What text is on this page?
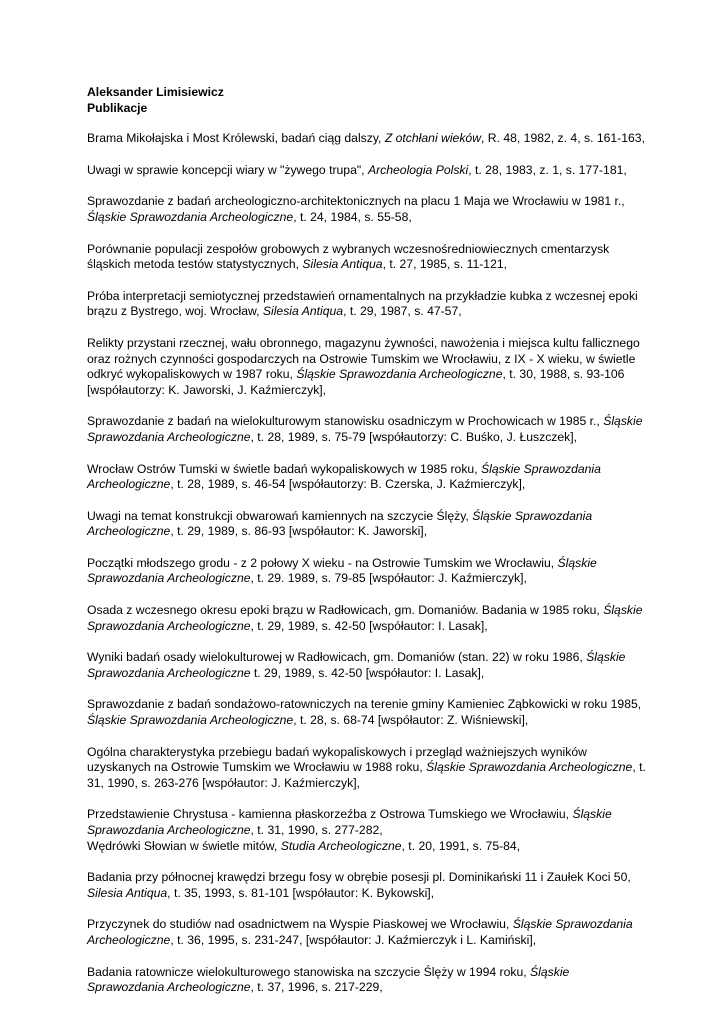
Aleksander Limisiewicz
Publikacje
Brama Mikołajska i Most Królewski, badań ciąg dalszy, Z otchłani wieków, R. 48, 1982, z. 4, s. 161-163,
Uwagi w sprawie koncepcji wiary w "żywego trupa", Archeologia Polski, t. 28, 1983, z. 1, s. 177-181,
Sprawozdanie z badań archeologiczno-architektonicznych na placu 1 Maja we Wrocławiu w 1981 r., Śląskie Sprawozdania Archeologiczne, t. 24, 1984, s. 55-58,
Porównanie populacji zespołów grobowych z wybranych wczesnośredniowiecznych cmentarzysk śląskich metoda testów statystycznych, Silesia Antiqua, t. 27, 1985, s. 11-121,
Próba interpretacji semiotycznej przedstawień ornamentalnych na przykładzie kubka z wczesnej epoki brązu z Bystrego, woj. Wrocław, Silesia Antiqua, t. 29, 1987, s. 47-57,
Relikty przystani rzecznej, wału obronnego, magazynu żywności, nawożenia i miejsca kultu fallicznego oraz rożnych czynności gospodarczych na Ostrowie Tumskim we Wrocławiu, z IX - X wieku, w świetle odkryć wykopaliskowych w 1987 roku, Śląskie Sprawozdania Archeologiczne, t. 30, 1988, s. 93-106 [współautorzy: K. Jaworski, J. Kaźmierczyk],
Sprawozdanie z badań na wielokulturowym stanowisku osadniczym w Prochowicach w 1985 r., Śląskie Sprawozdania Archeologiczne, t. 28, 1989, s. 75-79 [współautorzy: C. Buśko, J. Łuszczek],
Wrocław Ostrów Tumski w świetle badań wykopaliskowych w 1985 roku, Śląskie Sprawozdania Archeologiczne, t. 28, 1989, s. 46-54 [współautorzy: B. Czerska, J. Kaźmierczyk],
Uwagi na temat konstrukcji obwarowań kamiennych na szczycie Ślęży, Śląskie Sprawozdania Archeologiczne, t. 29, 1989, s. 86-93 [współautor: K. Jaworski],
Początki młodszego grodu - z 2 połowy X wieku - na Ostrowie Tumskim we Wrocławiu, Śląskie Sprawozdania Archeologiczne, t. 29. 1989, s. 79-85 [współautor: J. Kaźmierczyk],
Osada z wczesnego okresu epoki brązu w Radłowicach, gm. Domaniów. Badania w 1985 roku, Śląskie Sprawozdania Archeologiczne, t. 29, 1989, s. 42-50 [współautor: I. Lasak],
Wyniki badań osady wielokulturowej w Radłowicach, gm. Domaniów (stan. 22) w roku 1986, Śląskie Sprawozdania Archeologiczne t. 29, 1989, s. 42-50 [współautor: I. Lasak],
Sprawozdanie z badań sondażowo-ratowniczych na terenie gminy Kamieniec Ząbkowicki w roku 1985, Śląskie Sprawozdania Archeologiczne, t. 28, s. 68-74 [współautor: Z. Wiśniewski],
Ogólna charakterystyka przebiegu badań wykopaliskowych i przegląd ważniejszych wyników uzyskanych na Ostrowie Tumskim we Wrocławiu w 1988 roku, Śląskie Sprawozdania Archeologiczne, t. 31, 1990, s. 263-276 [współautor: J. Kaźmierczyk],
Przedstawienie Chrystusa - kamienna płaskorzeźba z Ostrowa Tumskiego we Wrocławiu, Śląskie Sprawozdania Archeologiczne, t. 31, 1990, s. 277-282,
Wędrówki Słowian w świetle mitów, Studia Archeologiczne, t. 20, 1991, s. 75-84,
Badania przy północnej krawędzi brzegu fosy w obrębie posesji pl. Dominikański 11 i Zaułek Koci 50, Silesia Antiqua, t. 35, 1993, s. 81-101 [współautor: K. Bykowski],
Przyczynek do studiów nad osadnictwem na Wyspie Piaskowej we Wrocławiu, Śląskie Sprawozdania Archeologiczne, t. 36, 1995, s. 231-247, [współautor: J. Kaźmierczyk i L. Kamiński],
Badania ratownicze wielokulturowego stanowiska na szczycie Ślęży w 1994 roku, Śląskie Sprawozdania Archeologiczne, t. 37, 1996, s. 217-229,
